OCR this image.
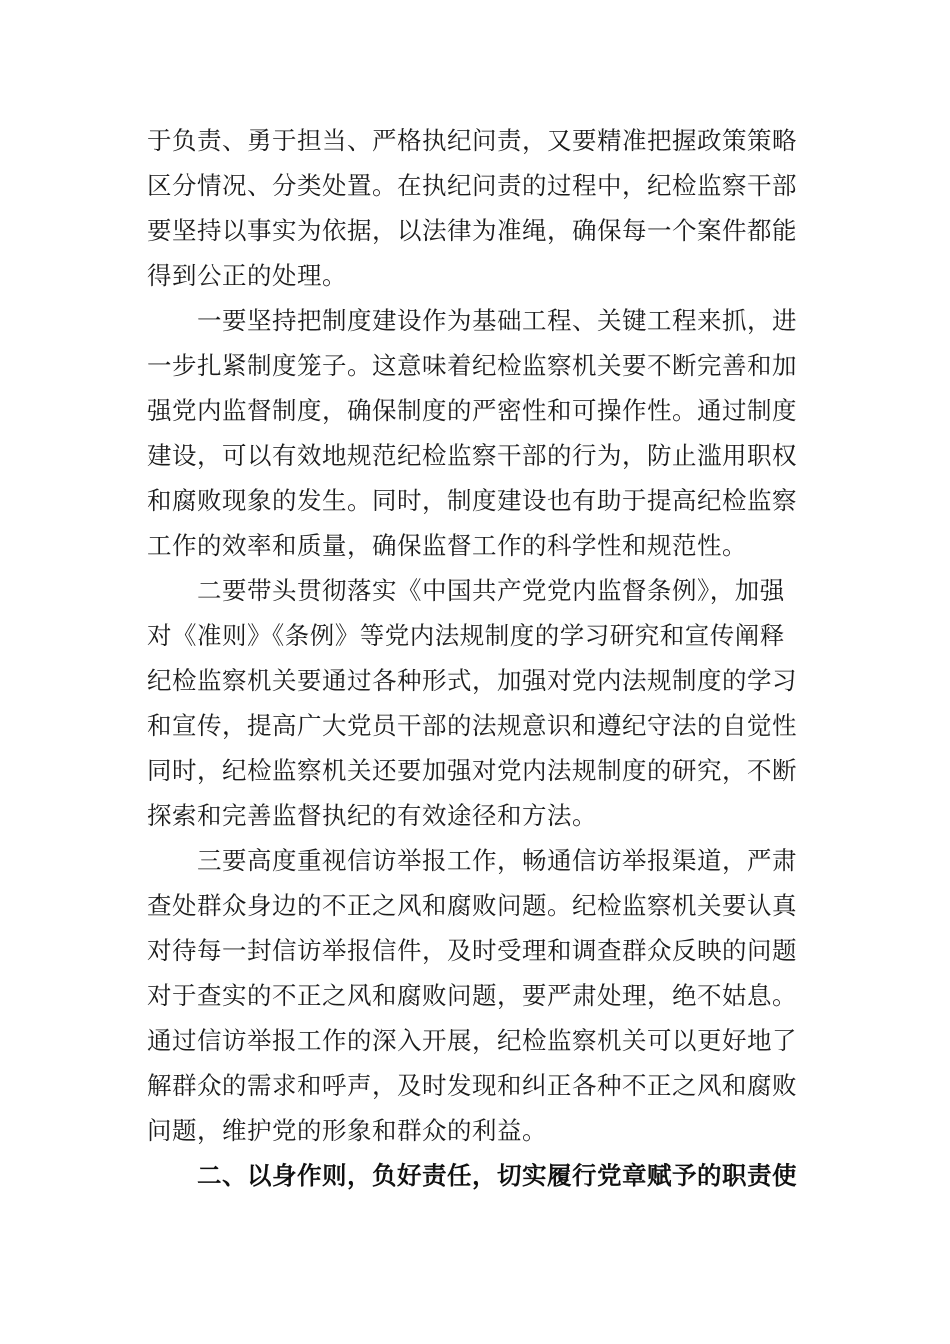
于负责、勇于担当、严格执纪问责，又要精准把握政策策略
区分情况、分类处置。在执纪问责的过程中，纪检监察干部
要坚持以事实为依据，以法律为准绳，确保每一个案件都能
得到公正的处理。
一要坚持把制度建设作为基础工程、关键工程来抓，进
一步扎紧制度笼子。这意味着纪检监察机关要不断完善和加
强党内监督制度，确保制度的严密性和可操作性。通过制度
建设，可以有效地规范纪检监察干部的行为，防止滥用职权
和腐败现象的发生。同时，制度建设也有助于提高纪检监察
工作的效率和质量，确保监督工作的科学性和规范性。
二要带头贯彻落实《中国共产党党内监督条例》，加强
对《准则》《条例》等党内法规制度的学习研究和宣传阐释
纪检监察机关要通过各种形式，加强对党内法规制度的学习
和宣传，提高广大党员干部的法规意识和遵纪守法的自觉性
同时，纪检监察机关还要加强对党内法规制度的研究，不断
探索和完善监督执纪的有效途径和方法。
三要高度重视信访举报工作，畅通信访举报渠道，严肃
查处群众身边的不正之风和腐败问题。纪检监察机关要认真
对待每一封信访举报信件，及时受理和调查群众反映的问题
对于查实的不正之风和腐败问题，要严肃处理，绝不姑息。
通过信访举报工作的深入开展，纪检监察机关可以更好地了
解群众的需求和呼声，及时发现和纠正各种不正之风和腐败
问题，维护党的形象和群众的利益。
二、以身作则，负好责任，切实履行党章赋予的职责使
